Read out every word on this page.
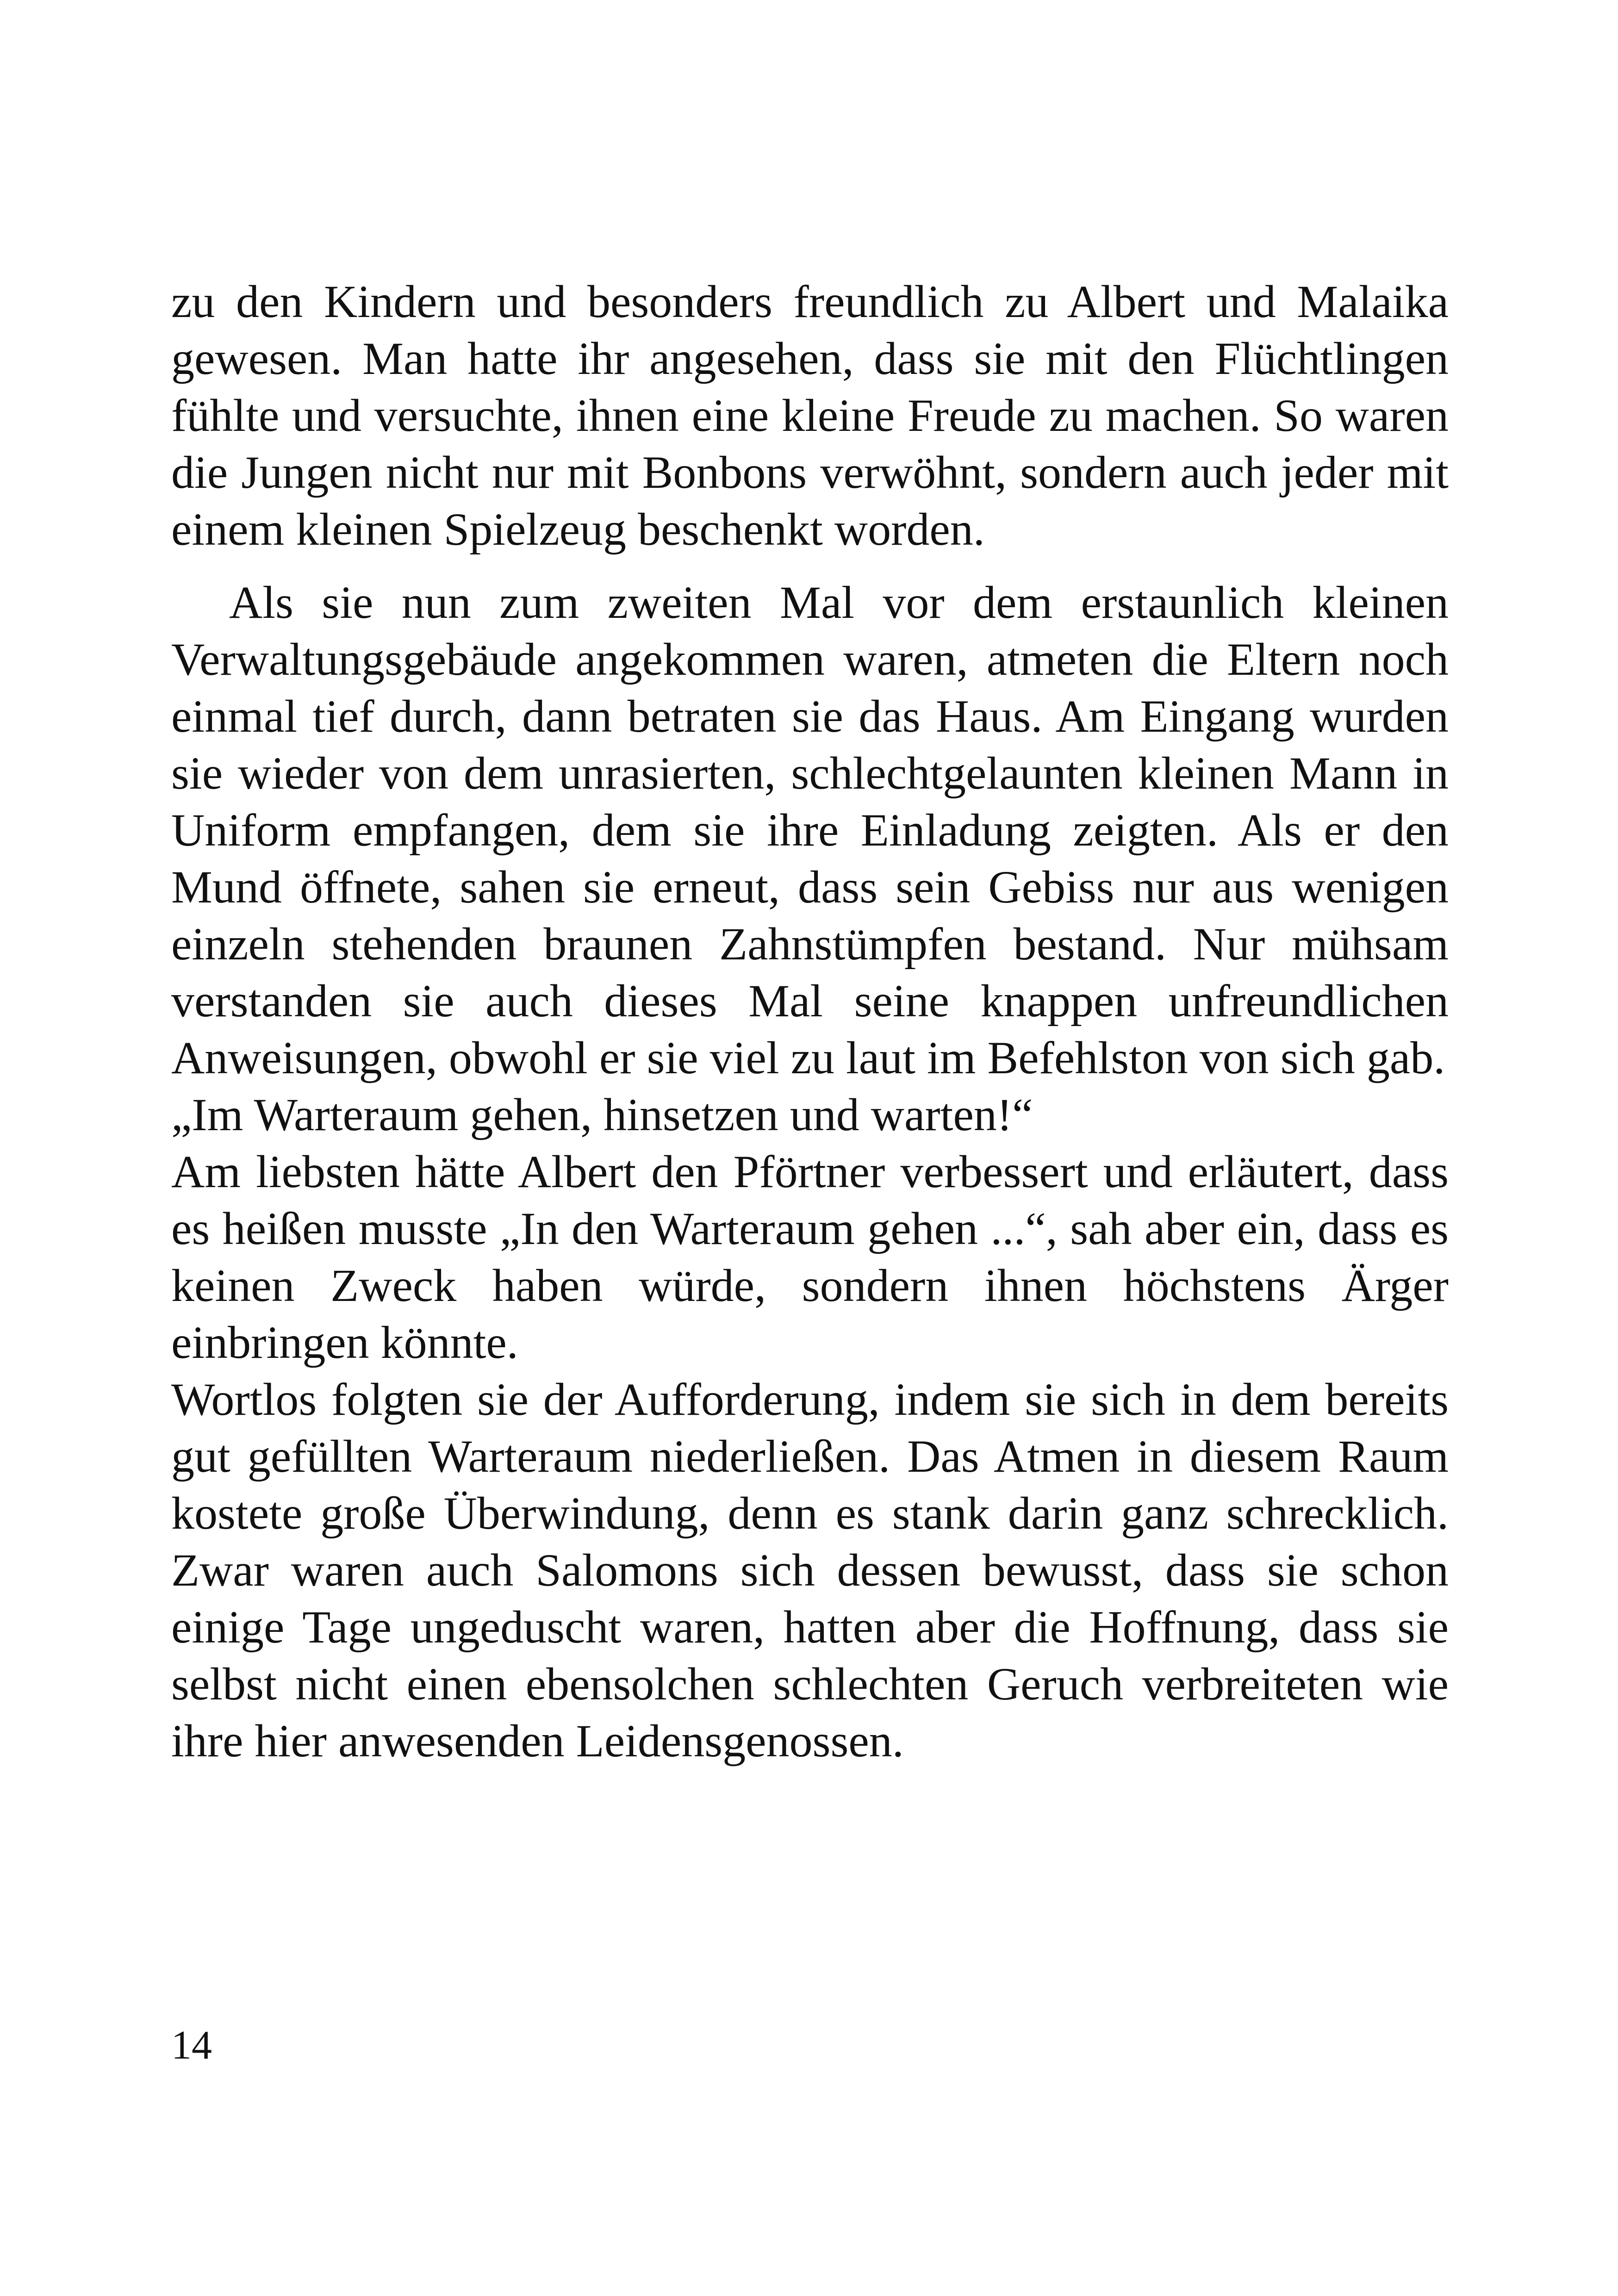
zu den Kindern und besonders freundlich zu Albert und Malaika gewesen. Man hatte ihr angesehen, dass sie mit den Flüchtlingen fühlte und versuchte, ihnen eine kleine Freude zu machen. So waren die Jungen nicht nur mit Bonbons verwöhnt, sondern auch jeder mit einem kleinen Spielzeug beschenkt worden.

Als sie nun zum zweiten Mal vor dem erstaunlich kleinen Verwaltungsgebäude angekommen waren, atmeten die Eltern noch einmal tief durch, dann betraten sie das Haus. Am Eingang wurden sie wieder von dem unrasierten, schlechtgelaunten kleinen Mann in Uniform empfangen, dem sie ihre Einladung zeigten. Als er den Mund öffnete, sahen sie erneut, dass sein Gebiss nur aus wenigen einzeln stehenden braunen Zahnstümpfen bestand. Nur mühsam verstanden sie auch dieses Mal seine knappen unfreundlichen Anweisungen, obwohl er sie viel zu laut im Befehlston von sich gab.

„Im Warteraum gehen, hinsetzen und warten!“

Am liebsten hätte Albert den Pförtner verbessert und erläutert, dass es heißen musste „In den Warteraum gehen ...“, sah aber ein, dass es keinen Zweck haben würde, sondern ihnen höchstens Ärger einbringen könnte.

Wortlos folgten sie der Aufforderung, indem sie sich in dem bereits gut gefüllten Warteraum niederließen. Das Atmen in diesem Raum kostete große Überwindung, denn es stank darin ganz schrecklich. Zwar waren auch Salomons sich dessen bewusst, dass sie schon einige Tage ungeduscht waren, hatten aber die Hoffnung, dass sie selbst nicht einen ebensolchen schlechten Geruch verbreiteten wie ihre hier anwesenden Leidensgenossen.

14
